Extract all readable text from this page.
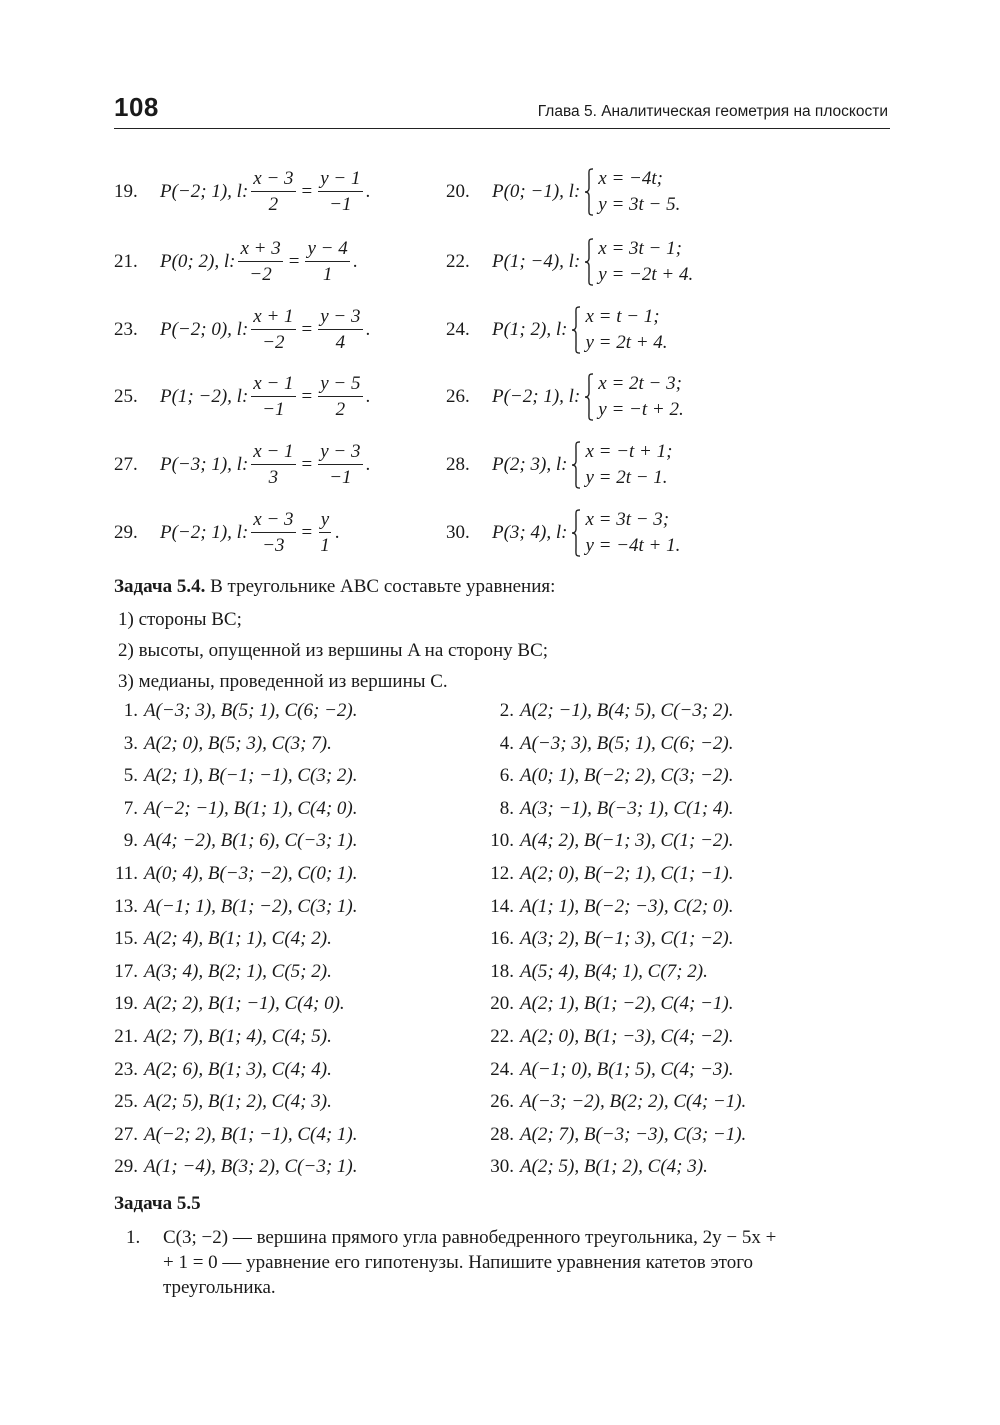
108	Глава 5. Аналитическая геометрия на плоскости
19.	P(−2; 1), l: $\frac{x - 3}{2} = \frac{y - 1}{-1}$ .	20.	P(0; −1), l:
x = −4t;
y = 3t − 5.
21.	P(0; 2), l: $\frac{x + 3}{-2} = \frac{y - 4}{1}$ .	22.	P(1; −4), l:
x = 3t − 1;
y = −2t + 4.
23.	P(−2; 0), l: $\frac{x + 1}{-2} = \frac{y - 3}{4}$ .	24.	P(1; 2), l:
x = t − 1;
y = 2t + 4.
25.	P(1; −2), l: $\frac{x - 1}{-1} = \frac{y - 5}{2}$ .	26.	P(−2; 1), l:
x = 2t − 3;
y = −t + 2.
27.	P(−3; 1), l: $\frac{x - 1}{3} = \frac{y - 3}{-1}$ .	28.	P(2; 3), l:
x = −t + 1;
y = 2t − 1.
29.	P(−2; 1), l: $\frac{x - 3}{-3} = \frac{y}{1}$ .	30.	P(3; 4), l:
x = 3t − 3;
y = −4t + 1.
Задача 5.4. В треугольнике ABC составьте уравнения:
1) стороны BC;
2) высоты, опущенной из вершины A на сторону BC;
3) медианы, проведенной из вершины C.
1. A(−3; 3), B(5; 1), C(6; −2).	2. A(2; −1), B(4; 5), C(−3; 2).
3. A(2; 0), B(5; 3), C(3; 7).	4. A(−3; 3), B(5; 1), C(6; −2).
5. A(2; 1), B(−1; −1), C(3; 2).	6. A(0; 1), B(−2; 2), C(3; −2).
7. A(−2; −1), B(1; 1), C(4; 0).	8. A(3; −1), B(−3; 1), C(1; 4).
9. A(4; −2), B(1; 6), C(−3; 1).	10. A(4; 2), B(−1; 3), C(1; −2).
11. A(0; 4), B(−3; −2), C(0; 1).	12. A(2; 0), B(−2; 1), C(1; −1).
13. A(−1; 1), B(1; −2), C(3; 1).	14. A(1; 1), B(−2; −3), C(2; 0).
15. A(2; 4), B(1; 1), C(4; 2).	16. A(3; 2), B(−1; 3), C(1; −2).
17. A(3; 4), B(2; 1), C(5; 2).	18. A(5; 4), B(4; 1), C(7; 2).
19. A(2; 2), B(1; −1), C(4; 0).	20. A(2; 1), B(1; −2), C(4; −1).
21. A(2; 7), B(1; 4), C(4; 5).	22. A(2; 0), B(1; −3), C(4; −2).
23. A(2; 6), B(1; 3), C(4; 4).	24. A(−1; 0), B(1; 5), C(4; −3).
25. A(2; 5), B(1; 2), C(4; 3).	26. A(−3; −2), B(2; 2), C(4; −1).
27. A(−2; 2), B(1; −1), C(4; 1).	28. A(2; 7), B(−3; −3), C(3; −1).
29. A(1; −4), B(3; 2), C(−3; 1).	30. A(2; 5), B(1; 2), C(4; 3).
Задача 5.5
1. C(3; −2) — вершина прямого угла равнобедренного треугольника, 2y − 5x +
+ 1 = 0 — уравнение его гипотенузы. Напишите уравнения катетов этого
треугольника.
